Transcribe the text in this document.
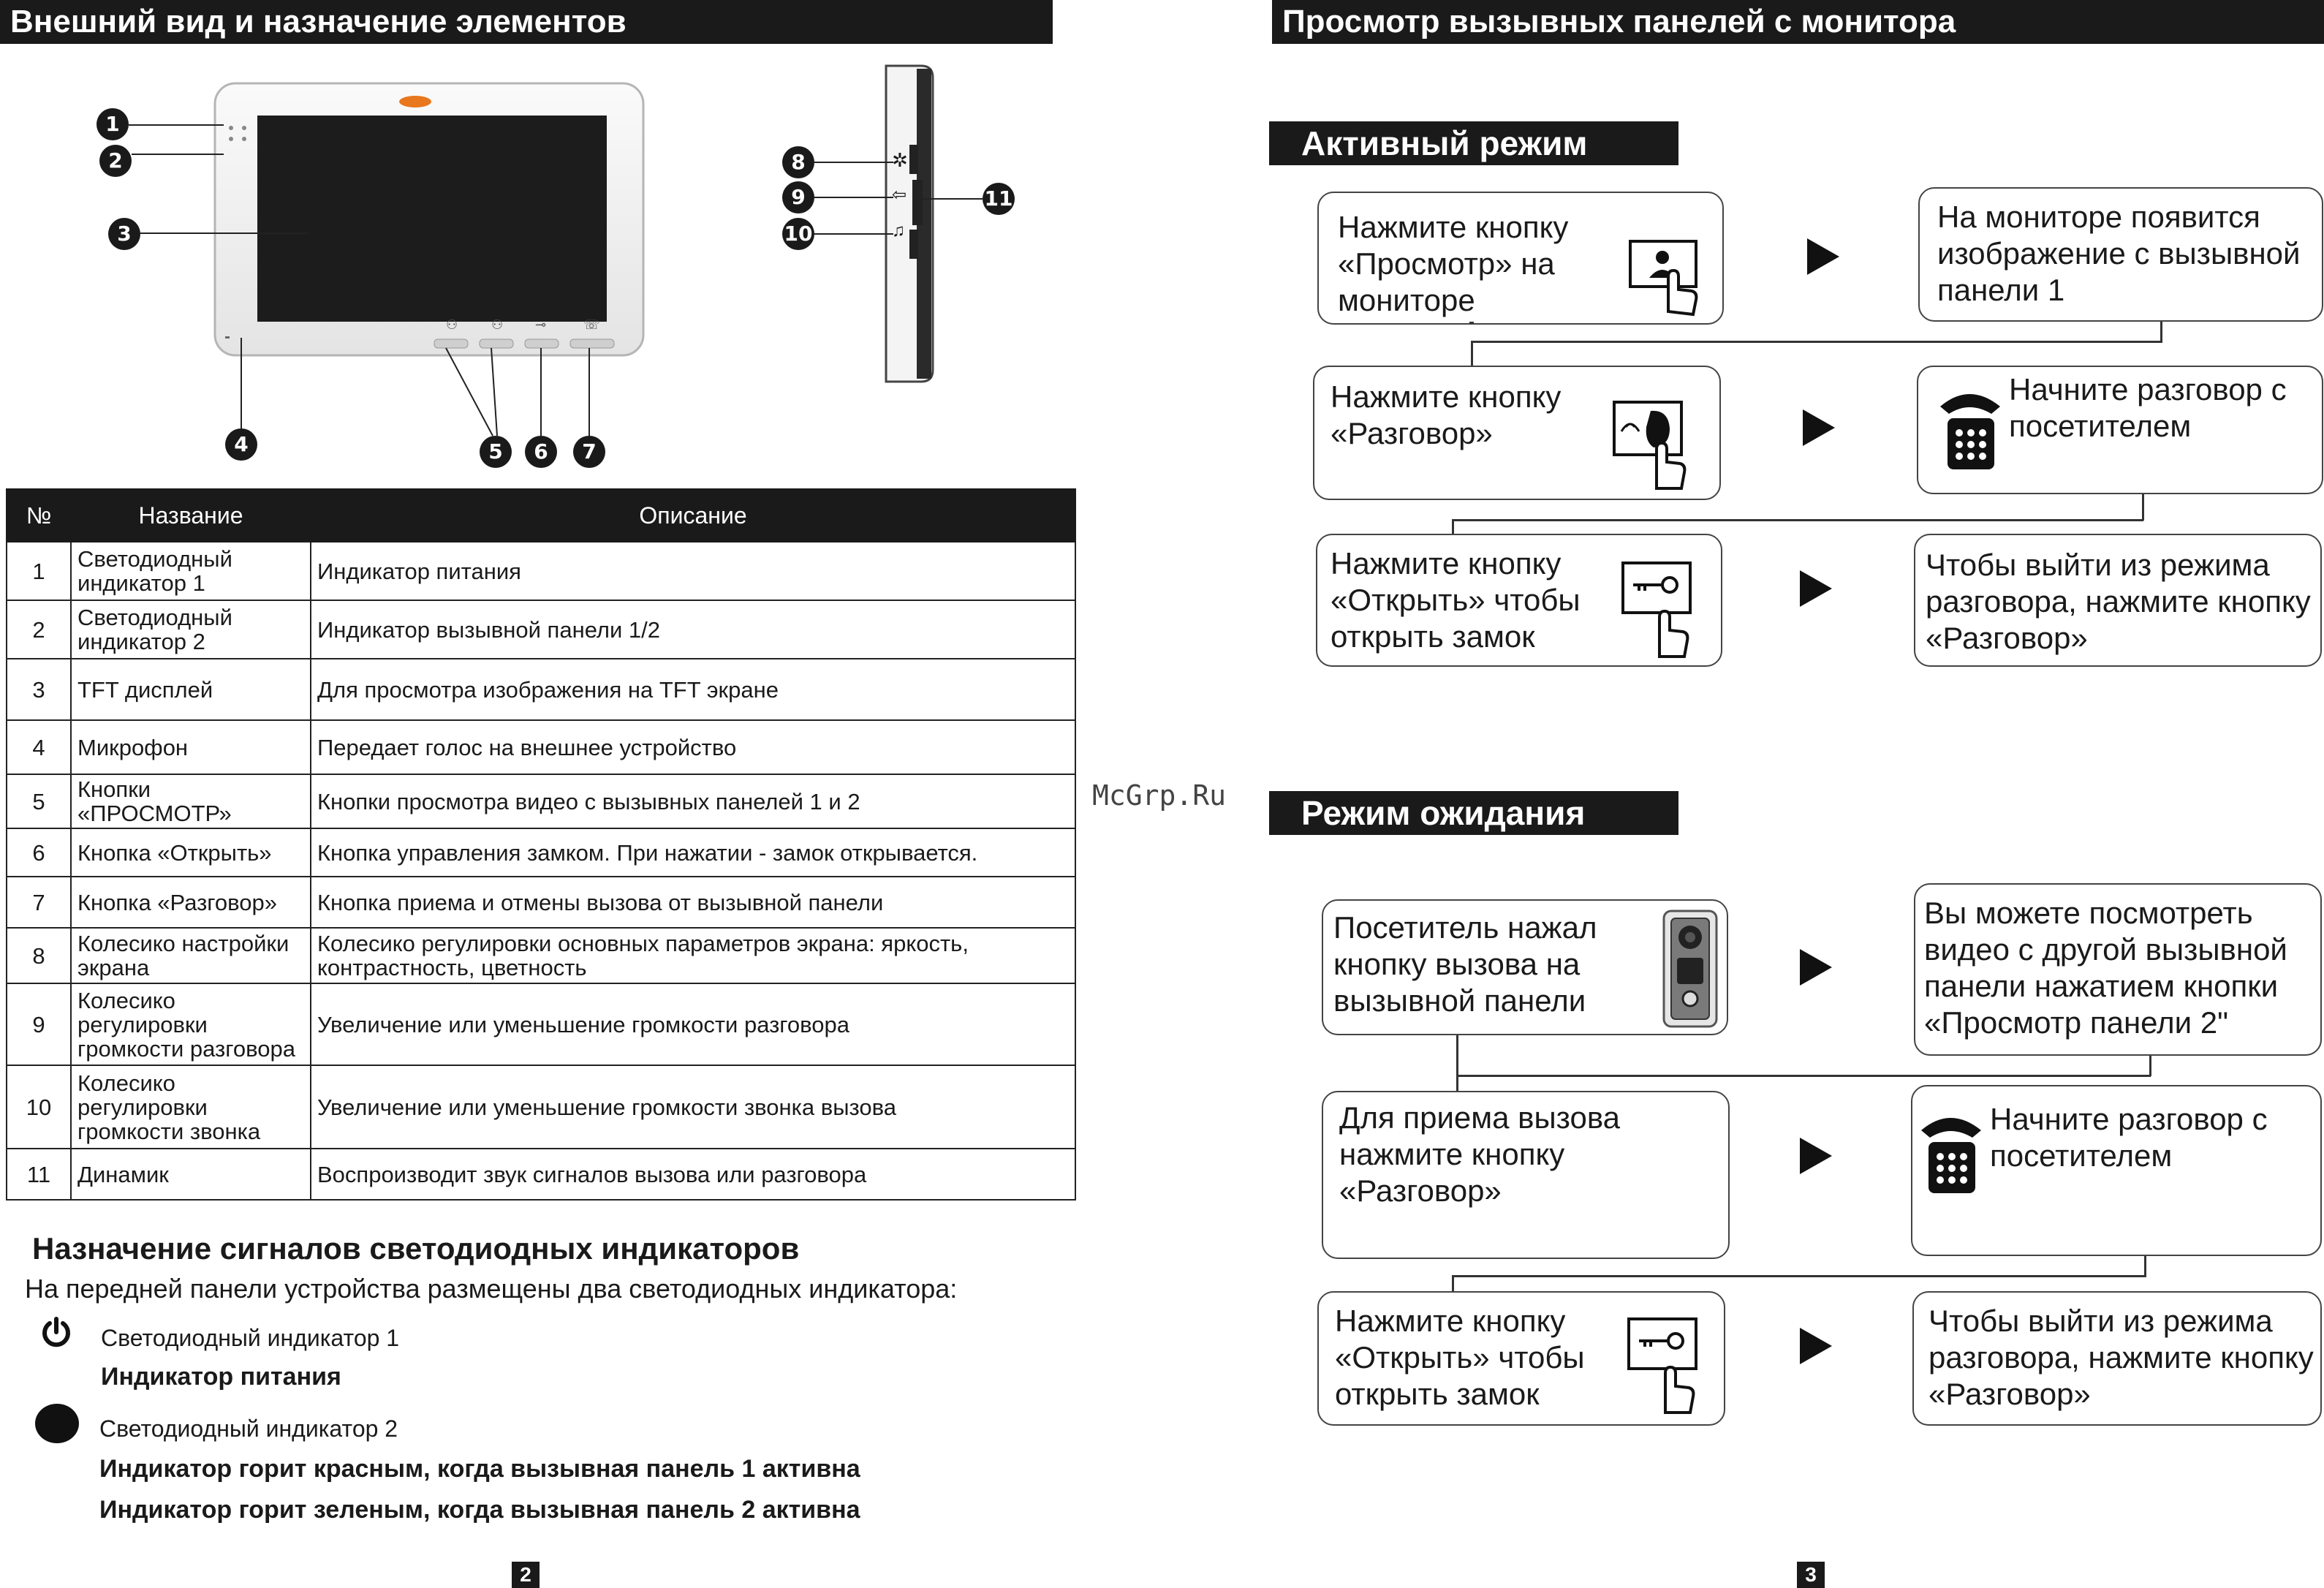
Внешний вид и назначение элементов
⚇	⚇ ⊸	☏
1
2
3
4	5	6	7
8	✲
9	⇦
10	♫
11
№	Название	Описание
1	Светодиодный индикатор 1	Индикатор питания
2	Светодиодный индикатор 2	Индикатор вызывной панели 1/2
3	TFT дисплей	Для просмотра изображения на TFT экране
4	Микрофон	Передает голос на внешнее устройство
5	Кнопки «ПРОСМОТР»	Кнопки просмотра видео с вызывных панелей 1 и 2
6	Кнопка «Открыть»	Кнопка управления замком. При нажатии - замок открывается.
7	Кнопка «Разговор»	Кнопка приема и отмены вызова от вызывной панели
8	Колесико настройки экрана	Колесико регулировки основных параметров экрана: яркость, контрастность, цветность
9	Колесико регулировки громкости разговора	Увеличение или уменьшение громкости разговора
10	Колесико регулировки громкости звонка	Увеличение или уменьшение громкости звонка вызова
11	Динамик	Воспроизводит звук сигналов вызова или разговора
Назначение сигналов светодиодных индикаторов
На передней панели устройства размещены два светодиодных индикатора:
Светодиодный индикатор 1
Индикатор питания
Светодиодный индикатор 2
Индикатор горит красным, когда вызывная панель 1 активна
Индикатор горит зеленым, когда вызывная панель 2 активна
2
McGrp.Ru
Просмотр вызывных панелей с монитора
Активный режим
Нажмите кнопку «Просмотр» на мониторе
На мониторе появится изображение с вызывной панели 1
Нажмите кнопку «Разговор»
Начните разговор с посетителем
Нажмите кнопку «Открыть» чтобы открыть замок
Чтобы выйти из режима разговора, нажмите кнопку «Разговор»
Режим ожидания
Посетитель нажал кнопку вызова на вызывной панели
Вы можете посмотреть видео с другой вызывной панели нажатием кнопки «Просмотр панели 2"
Для приема вызова нажмите кнопку «Разговор»
Начните разговор с посетителем
Нажмите кнопку «Открыть» чтобы открыть замок
Чтобы выйти из режима разговора, нажмите кнопку «Разговор»
3
